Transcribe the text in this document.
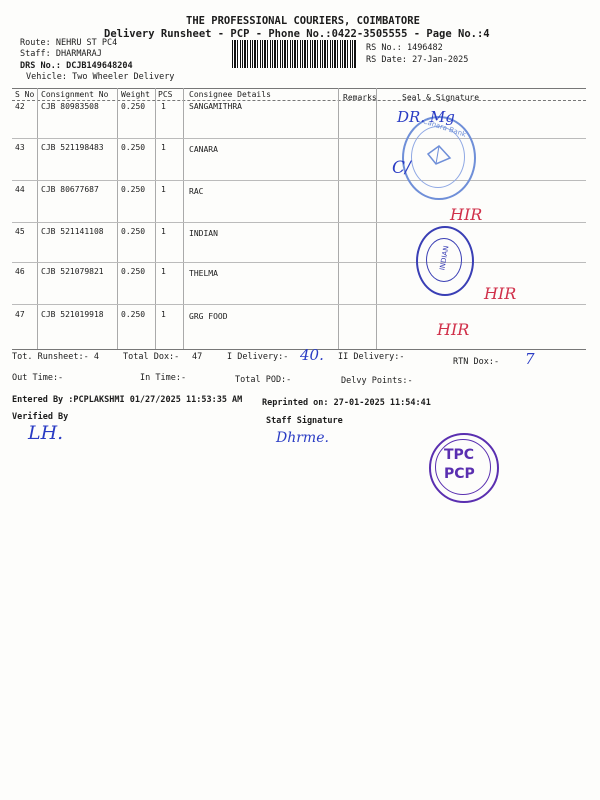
THE PROFESSIONAL COURIERS, COIMBATORE
Delivery Runsheet - PCP - Phone No.:0422-3505555 - Page No.:4
Route: NEHRU ST PC4
Staff: DHARMARAJ
DRS No.: DCJB149648204
Vehicle: Two Wheeler Delivery
RS No.: 1496482
RS Date: 27-Jan-2025
S No Consignment No Weight PCS Consignee Details	Remarks	Seal & Signature
42 CJB 80983508	0.250 1	SANGAMITHRA
43 CJB 521198483 0.250 1	CANARA
44 CJB 80677687	0.250 1	RAC
45 CJB 521141108 0.250 1	INDIAN
46 CJB 521079821 0.250 1	THELMA
47 CJB 521019918 0.250 1	GRG FOOD
Canara Bank
DR. Mg
C/
HIR
INDIAN
HIR
HIR
Tot. Runsheet:- 4	Total Dox:- 47	I Delivery:- 40. II Delivery:-	RTN Dox:- 7
Out Time:-	In Time:-	Total POD:-	Delvy Points:-
Entered By :PCPLAKSHMI 01/27/2025 11:53:35 AM Reprinted on: 27-01-2025 11:54:41
Verified By
LH.
Staff Signature
Dhrme.
TPC
PCP
